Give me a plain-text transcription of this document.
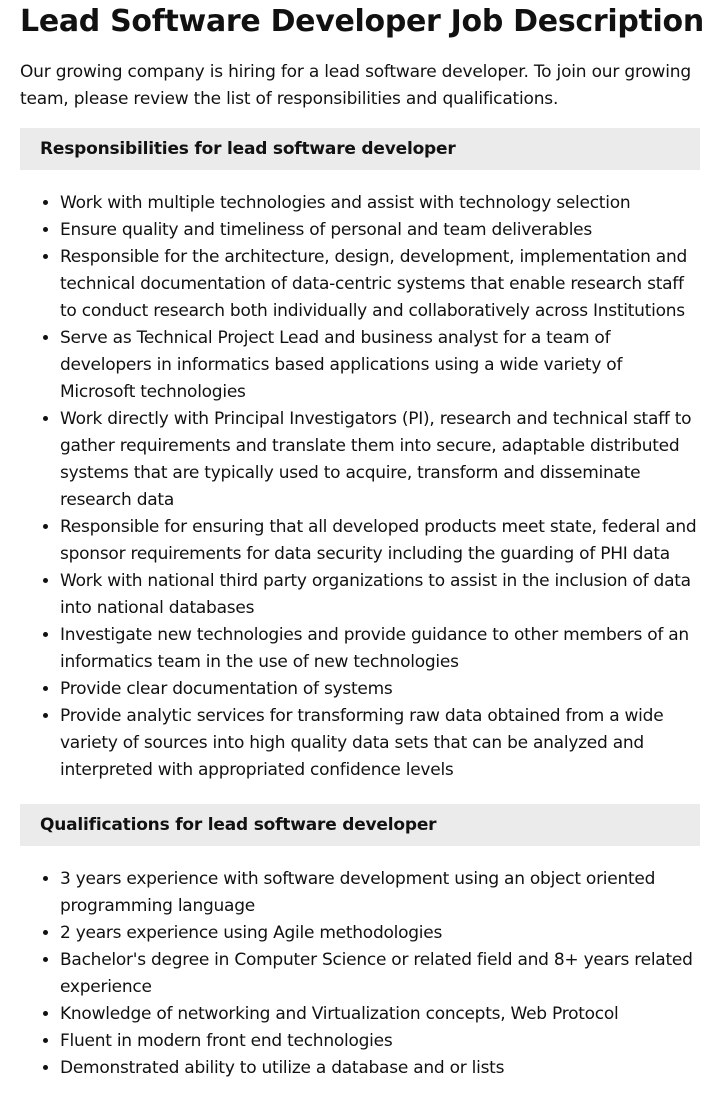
Lead Software Developer Job Description

Our growing company is hiring for a lead software developer. To join our growing team, please review the list of responsibilities and qualifications.

Responsibilities for lead software developer
• Work with multiple technologies and assist with technology selection
• Ensure quality and timeliness of personal and team deliverables
• Responsible for the architecture, design, development, implementation and technical documentation of data-centric systems that enable research staff to conduct research both individually and collaboratively across Institutions
• Serve as Technical Project Lead and business analyst for a team of developers in informatics based applications using a wide variety of Microsoft technologies
• Work directly with Principal Investigators (PI), research and technical staff to gather requirements and translate them into secure, adaptable distributed systems that are typically used to acquire, transform and disseminate research data
• Responsible for ensuring that all developed products meet state, federal and sponsor requirements for data security including the guarding of PHI data
• Work with national third party organizations to assist in the inclusion of data into national databases
• Investigate new technologies and provide guidance to other members of an informatics team in the use of new technologies
• Provide clear documentation of systems
• Provide analytic services for transforming raw data obtained from a wide variety of sources into high quality data sets that can be analyzed and interpreted with appropriated confidence levels
Qualifications for lead software developer
• 3 years experience with software development using an object oriented programming language
• 2 years experience using Agile methodologies
• Bachelor's degree in Computer Science or related field and 8+ years related experience
• Knowledge of networking and Virtualization concepts, Web Protocol
• Fluent in modern front end technologies
• Demonstrated ability to utilize a database and or lists
